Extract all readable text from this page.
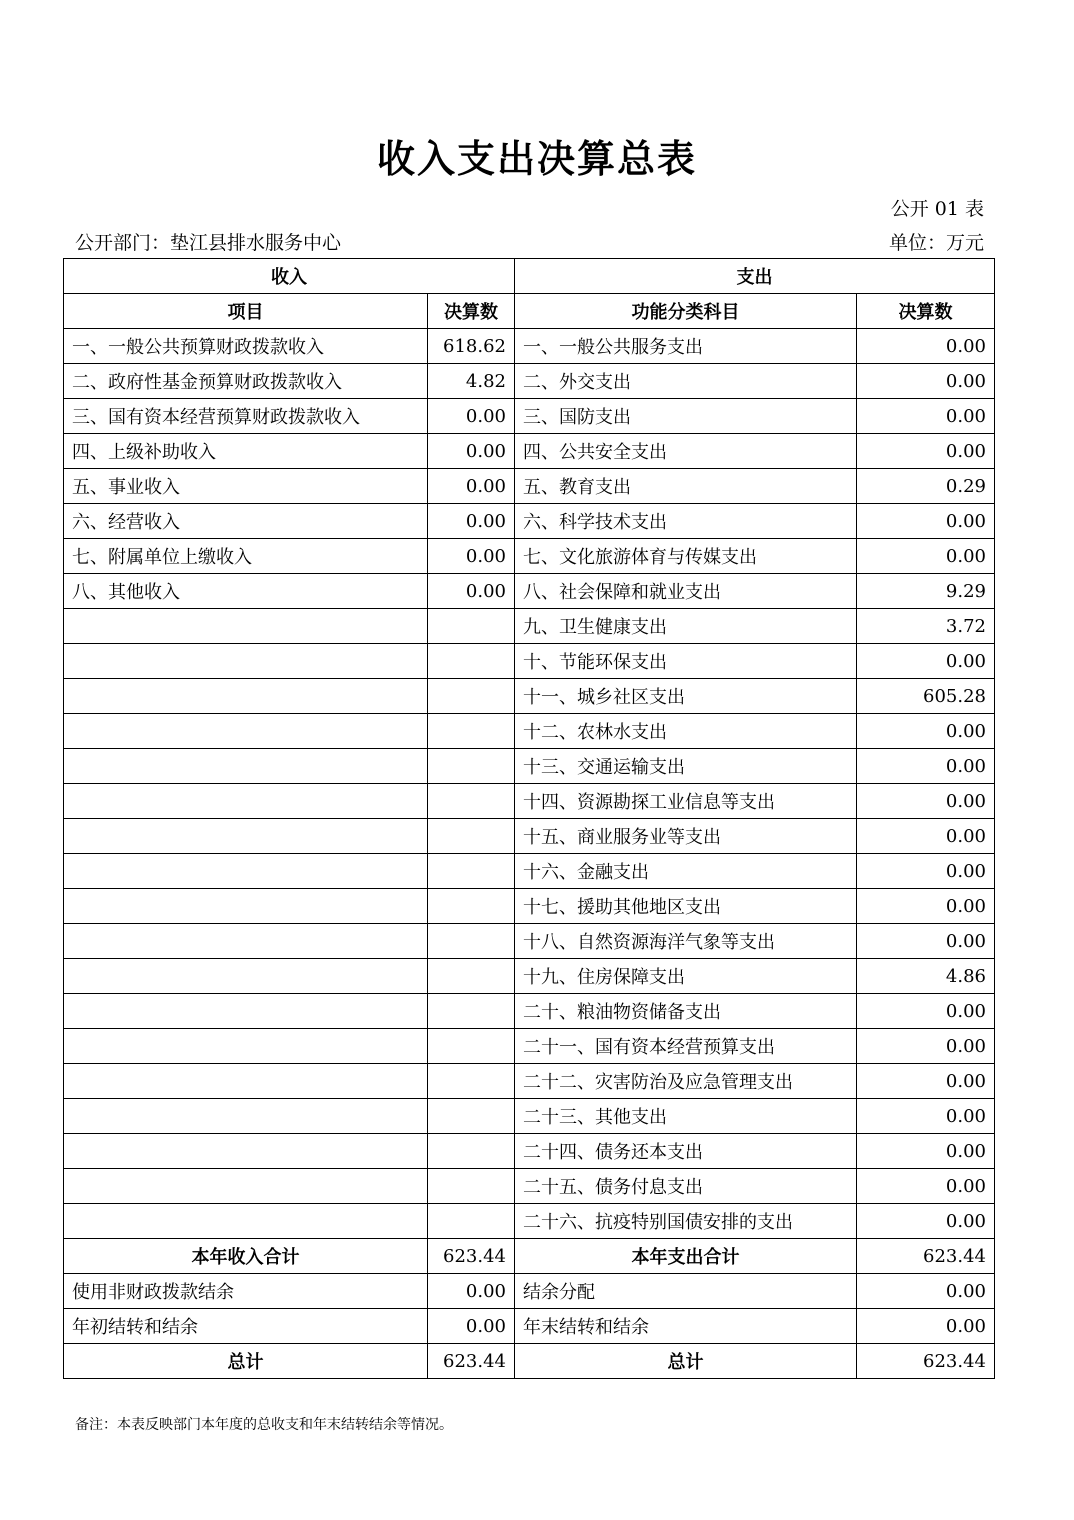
收入支出决算总表
公开 01 表
公开部门：垫江县排水服务中心	单位：万元
收入		支出	
项目	决算数	功能分类科目	决算数
一、一般公共预算财政拨款收入	618.62	一、一般公共服务支出	0.00
二、政府性基金预算财政拨款收入	4.82	二、外交支出	0.00
三、国有资本经营预算财政拨款收入	0.00	三、国防支出	0.00
四、上级补助收入	0.00	四、公共安全支出	0.00
五、事业收入	0.00	五、教育支出	0.29
六、经营收入	0.00	六、科学技术支出	0.00
七、附属单位上缴收入	0.00	七、文化旅游体育与传媒支出	0.00
八、其他收入	0.00	八、社会保障和就业支出	9.29
		九、卫生健康支出	3.72
		十、节能环保支出	0.00
		十一、城乡社区支出	605.28
		十二、农林水支出	0.00
		十三、交通运输支出	0.00
		十四、资源勘探工业信息等支出	0.00
		十五、商业服务业等支出	0.00
		十六、金融支出	0.00
		十七、援助其他地区支出	0.00
		十八、自然资源海洋气象等支出	0.00
		十九、住房保障支出	4.86
		二十、粮油物资储备支出	0.00
		二十一、国有资本经营预算支出	0.00
		二十二、灾害防治及应急管理支出	0.00
		二十三、其他支出	0.00
		二十四、债务还本支出	0.00
		二十五、债务付息支出	0.00
		二十六、抗疫特别国债安排的支出	0.00
本年收入合计	623.44	本年支出合计	623.44
使用非财政拨款结余	0.00	结余分配	0.00
年初结转和结余	0.00	年末结转和结余	0.00
总计	623.44	总计	623.44
备注：本表反映部门本年度的总收支和年末结转结余等情况。
